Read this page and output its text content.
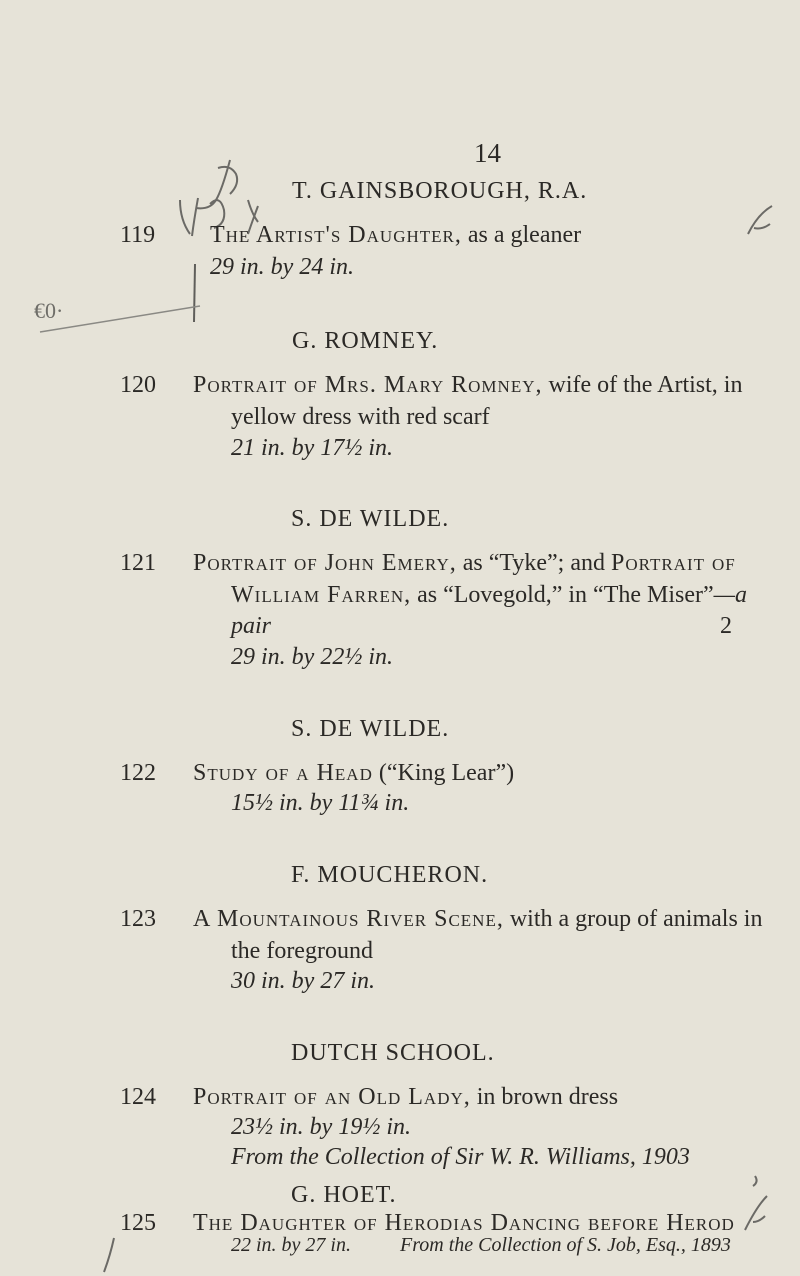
€0·
14
T. GAINSBOROUGH, R.A.
119 The Artist's Daughter, as a gleaner
29 in. by 24 in.
G. ROMNEY.
120 Portrait of Mrs. Mary Romney, wife of the Artist, in
yellow dress with red scarf
21 in. by 17½ in.
S. DE WILDE.
121 Portrait of John Emery, as “Tyke”; and Portrait of
William Farren, as “Lovegold,” in “The Miser”—a
pair	2
29 in. by 22½ in.
S. DE WILDE.
122 Study of a Head (“King Lear”)
15½ in. by 11¾ in.
F. MOUCHERON.
123 A Mountainous River Scene, with a group of animals in
the foreground
30 in. by 27 in.
DUTCH SCHOOL.
124 Portrait of an Old Lady, in brown dress
23½ in. by 19½ in.
From the Collection of Sir W. R. Williams, 1903
G. HOET.
125 The Daughter of Herodias Dancing before Herod
22 in. by 27 in. From the Collection of S. Job, Esq., 1893
